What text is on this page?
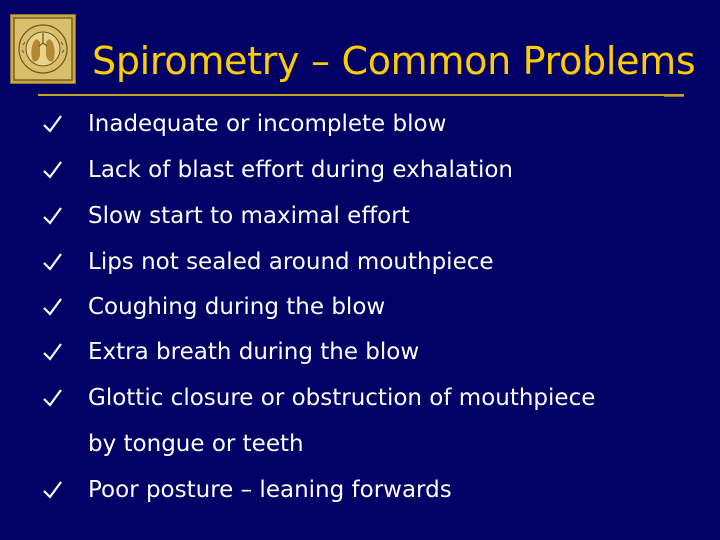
Spirometry – Common Problems
Inadequate or incomplete blow
Lack of blast effort during exhalation
Slow start to maximal effort
Lips not sealed around mouthpiece
Coughing during the blow
Extra breath during the blow
Glottic closure or obstruction of mouthpiece
by tongue or teeth
Poor posture – leaning forwards
